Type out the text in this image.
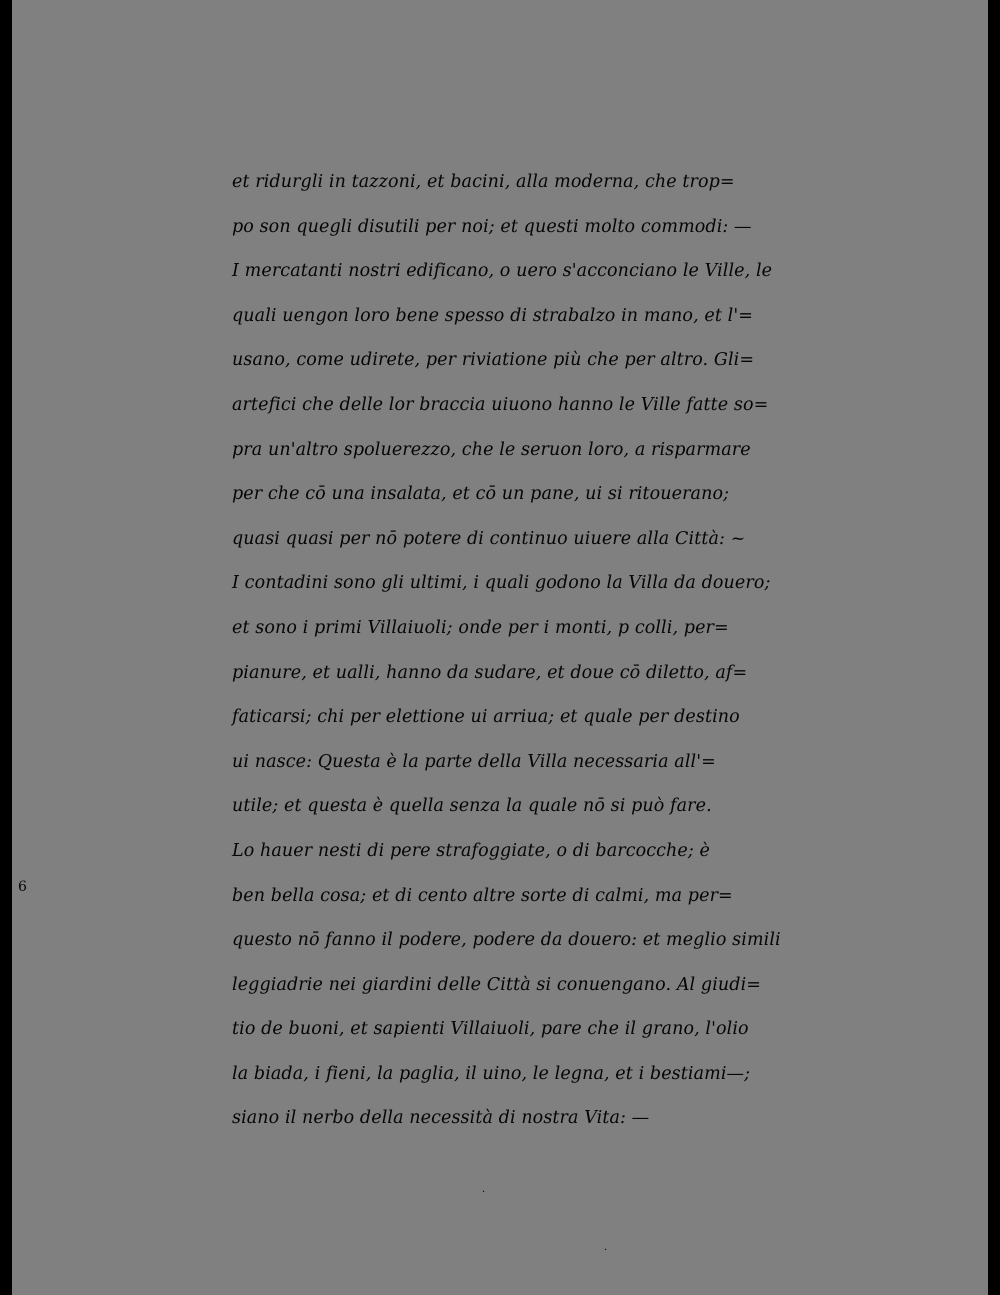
et ridurgli in tazzoni, et bacini, alla moderna, che trop=
po son quegli disutili per noi; et questi molto commodi: —
I mercatanti nostri edificano, o uero s'acconciano le Ville, le
quali uengon loro bene spesso di strabalzo in mano, et l'=
usano, come udirete, per riviatione più che per altro. Gli=
artefici che delle lor braccia uiuono hanno le Ville fatte so=
pra un'altro spoluerezzo, che le seruon loro, a risparmare
per che cō una insalata, et cō un pane, ui si ritouerano;
quasi quasi per nō potere di continuo uiuere alla Città: ~
I contadini sono gli ultimi, i quali godono la Villa da douero;
et sono i primi Villaiuoli; onde per i monti, p colli, per=
pianure, et ualli, hanno da sudare, et doue cō diletto, af=
faticarsi; chi per elettione ui arriua; et quale per destino
ui nasce: Questa è la parte della Villa necessaria all'=
utile; et questa è quella senza la quale nō si può fare.
Lo hauer nesti di pere strafoggiate, o di barcocche; è
ben bella cosa; et di cento altre sorte di calmi, ma per=
questo nō fanno il podere, podere da douero: et meglio simili
leggiadrie nei giardini delle Città si conuengano. Al giudi=
tio de buoni, et sapienti Villaiuoli, pare che il grano, l'olio
la biada, i fieni, la paglia, il uino, le legna, et i bestiami—;
siano il nerbo della necessità di nostra Vita: —
6
·
·
